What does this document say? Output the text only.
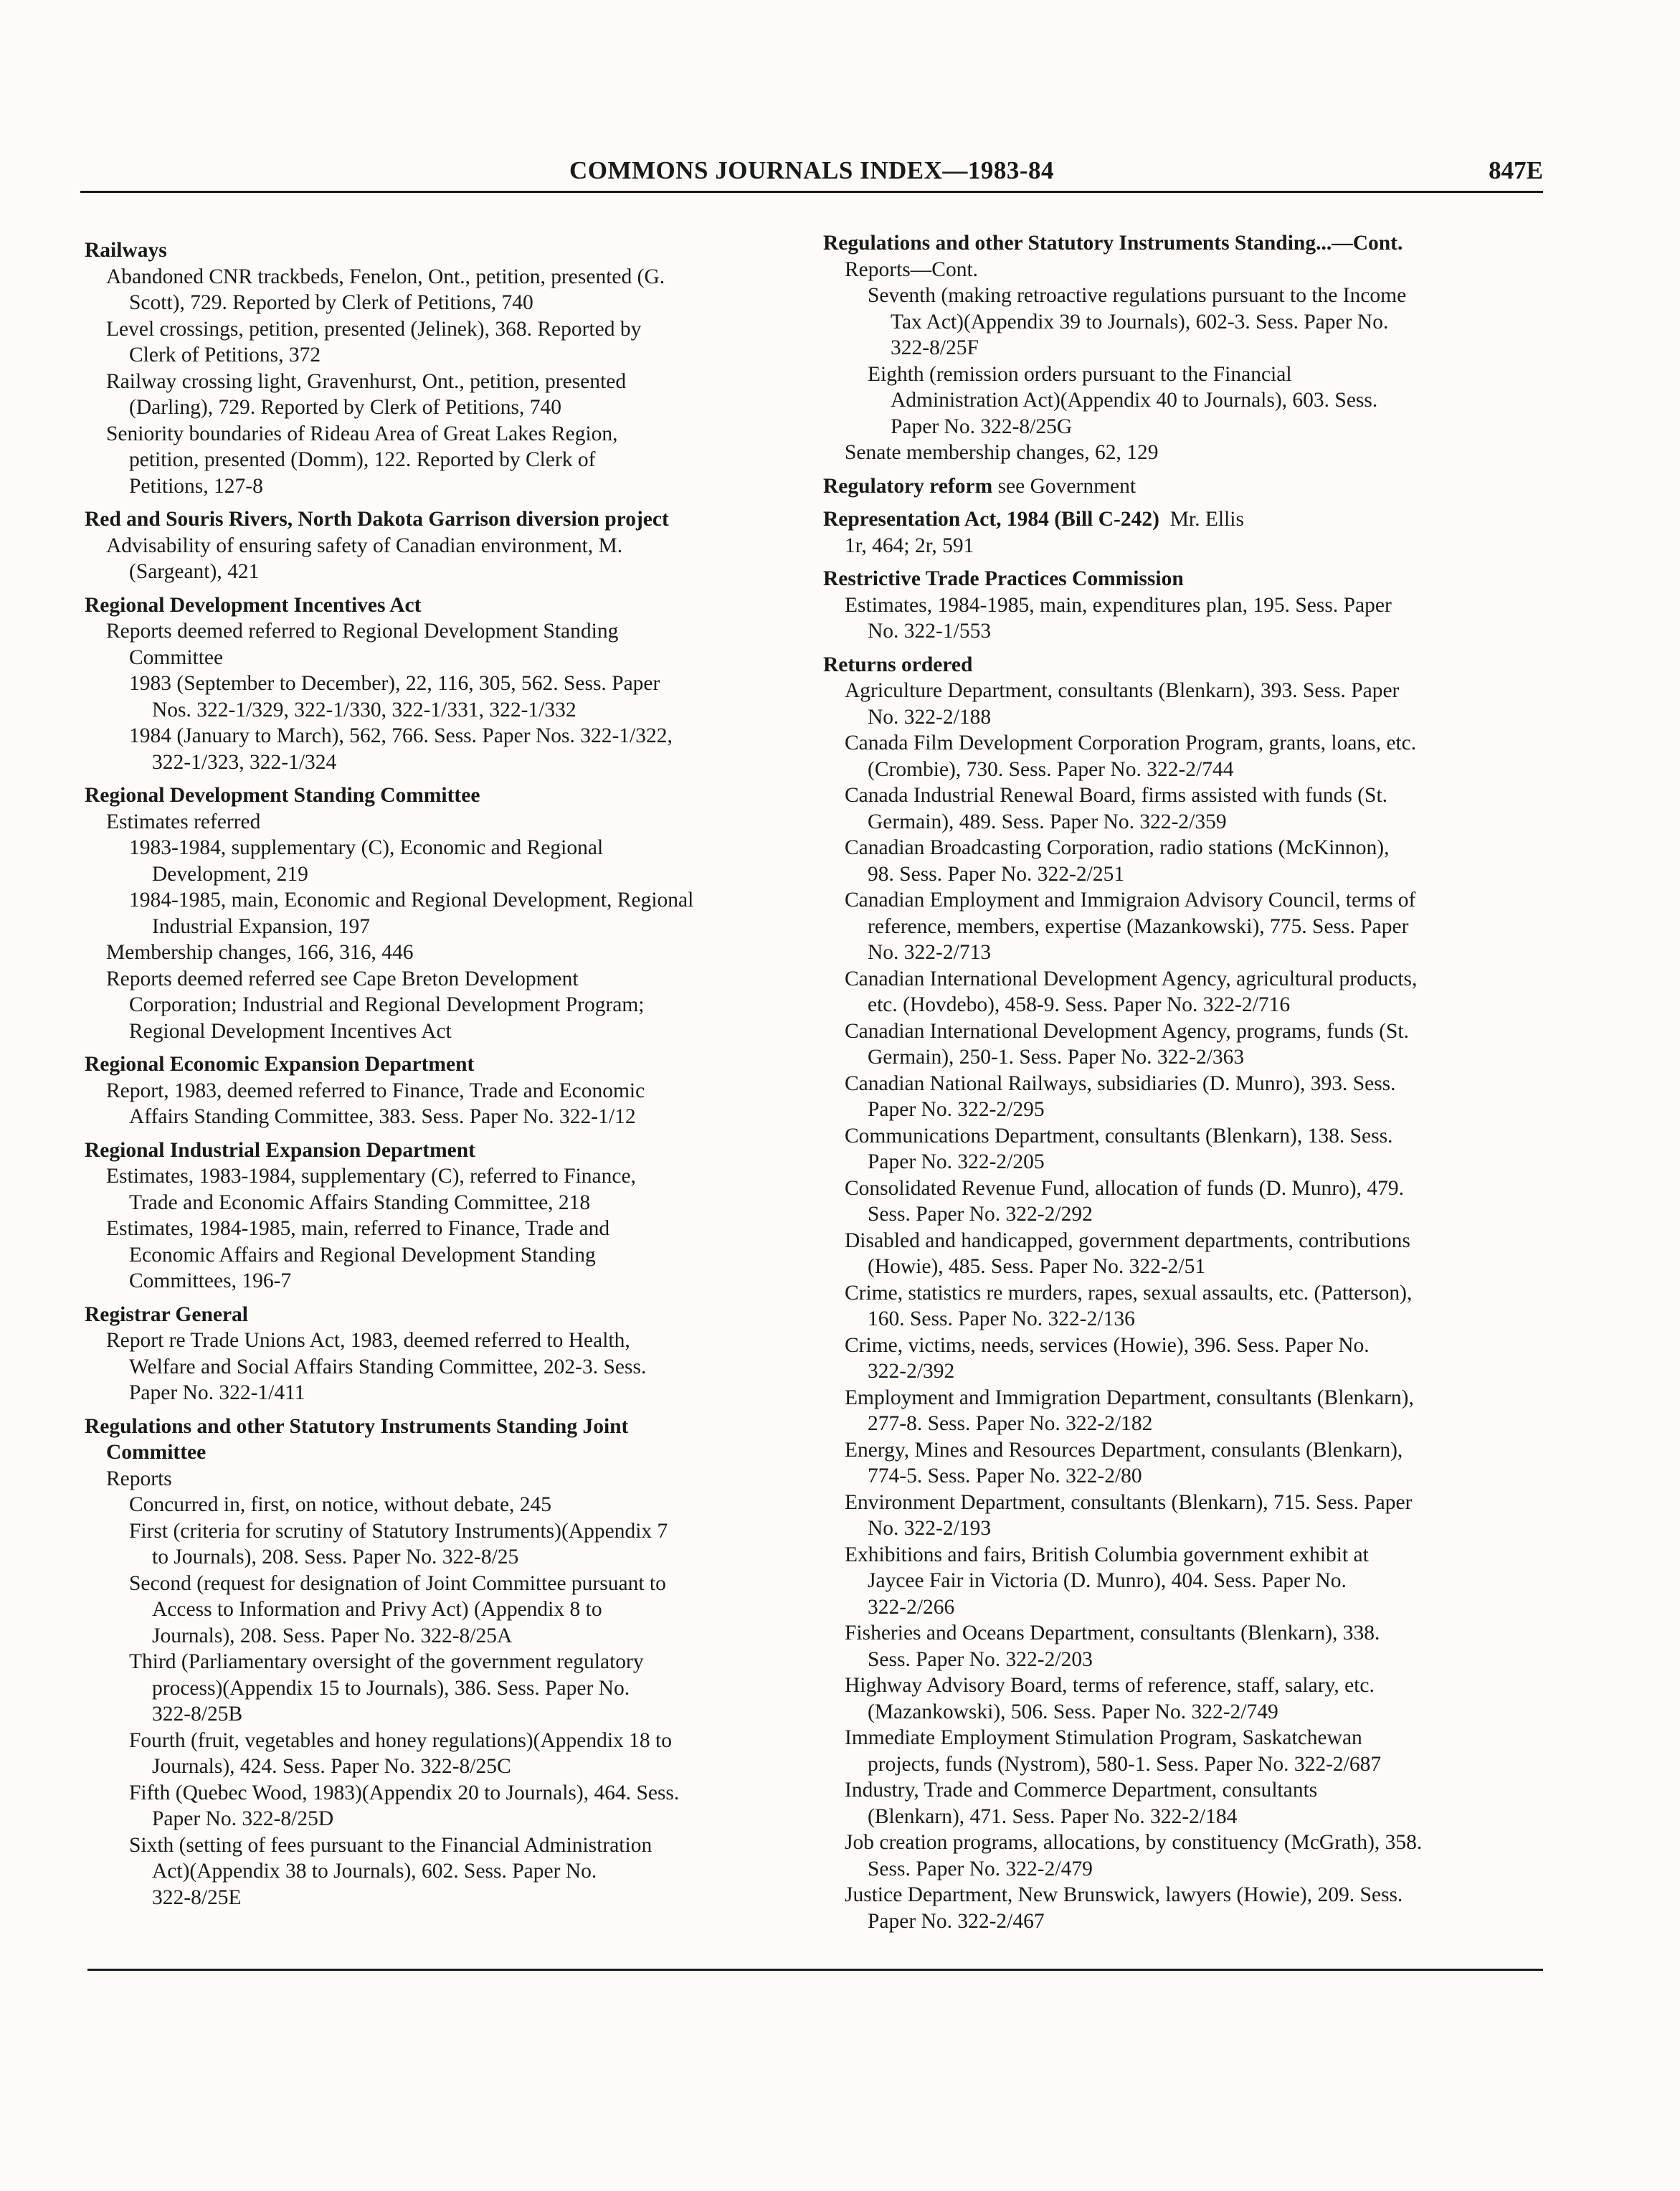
COMMONS JOURNALS INDEX—1983-84	847E
Railways
Abandoned CNR trackbeds, Fenelon, Ont., petition, presented (G.
Scott), 729. Reported by Clerk of Petitions, 740
Level crossings, petition, presented (Jelinek), 368. Reported by
Clerk of Petitions, 372
Railway crossing light, Gravenhurst, Ont., petition, presented
(Darling), 729. Reported by Clerk of Petitions, 740
Seniority boundaries of Rideau Area of Great Lakes Region,
petition, presented (Domm), 122. Reported by Clerk of
Petitions, 127-8
Red and Souris Rivers, North Dakota Garrison diversion project
Advisability of ensuring safety of Canadian environment, M.
(Sargeant), 421
Regional Development Incentives Act
Reports deemed referred to Regional Development Standing
Committee
1983 (September to December), 22, 116, 305, 562. Sess. Paper
Nos. 322-1/329, 322-1/330, 322-1/331, 322-1/332
1984 (January to March), 562, 766. Sess. Paper Nos. 322-1/322,
322-1/323, 322-1/324
Regional Development Standing Committee
Estimates referred
1983-1984, supplementary (C), Economic and Regional
Development, 219
1984-1985, main, Economic and Regional Development, Regional
Industrial Expansion, 197
Membership changes, 166, 316, 446
Reports deemed referred see Cape Breton Development
Corporation; Industrial and Regional Development Program;
Regional Development Incentives Act
Regional Economic Expansion Department
Report, 1983, deemed referred to Finance, Trade and Economic
Affairs Standing Committee, 383. Sess. Paper No. 322-1/12
Regional Industrial Expansion Department
Estimates, 1983-1984, supplementary (C), referred to Finance,
Trade and Economic Affairs Standing Committee, 218
Estimates, 1984-1985, main, referred to Finance, Trade and
Economic Affairs and Regional Development Standing
Committees, 196-7
Registrar General
Report re Trade Unions Act, 1983, deemed referred to Health,
Welfare and Social Affairs Standing Committee, 202-3. Sess.
Paper No. 322-1/411
Regulations and other Statutory Instruments Standing Joint
Committee
Reports
Concurred in, first, on notice, without debate, 245
First (criteria for scrutiny of Statutory Instruments)(Appendix 7
to Journals), 208. Sess. Paper No. 322-8/25
Second (request for designation of Joint Committee pursuant to
Access to Information and Privy Act) (Appendix 8 to
Journals), 208. Sess. Paper No. 322-8/25A
Third (Parliamentary oversight of the government regulatory
process)(Appendix 15 to Journals), 386. Sess. Paper No.
322-8/25B
Fourth (fruit, vegetables and honey regulations)(Appendix 18 to
Journals), 424. Sess. Paper No. 322-8/25C
Fifth (Quebec Wood, 1983)(Appendix 20 to Journals), 464. Sess.
Paper No. 322-8/25D
Sixth (setting of fees pursuant to the Financial Administration
Act)(Appendix 38 to Journals), 602. Sess. Paper No.
322-8/25E
Regulations and other Statutory Instruments Standing...—Cont.
Reports—Cont.
Seventh (making retroactive regulations pursuant to the Income
Tax Act)(Appendix 39 to Journals), 602-3. Sess. Paper No.
322-8/25F
Eighth (remission orders pursuant to the Financial
Administration Act)(Appendix 40 to Journals), 603. Sess.
Paper No. 322-8/25G
Senate membership changes, 62, 129
Regulatory reform see Government
Representation Act, 1984 (Bill C-242)  Mr. Ellis
1r, 464; 2r, 591
Restrictive Trade Practices Commission
Estimates, 1984-1985, main, expenditures plan, 195. Sess. Paper
No. 322-1/553
Returns ordered
Agriculture Department, consultants (Blenkarn), 393. Sess. Paper
No. 322-2/188
Canada Film Development Corporation Program, grants, loans, etc.
(Crombie), 730. Sess. Paper No. 322-2/744
Canada Industrial Renewal Board, firms assisted with funds (St.
Germain), 489. Sess. Paper No. 322-2/359
Canadian Broadcasting Corporation, radio stations (McKinnon),
98. Sess. Paper No. 322-2/251
Canadian Employment and Immigraion Advisory Council, terms of
reference, members, expertise (Mazankowski), 775. Sess. Paper
No. 322-2/713
Canadian International Development Agency, agricultural products,
etc. (Hovdebo), 458-9. Sess. Paper No. 322-2/716
Canadian International Development Agency, programs, funds (St.
Germain), 250-1. Sess. Paper No. 322-2/363
Canadian National Railways, subsidiaries (D. Munro), 393. Sess.
Paper No. 322-2/295
Communications Department, consultants (Blenkarn), 138. Sess.
Paper No. 322-2/205
Consolidated Revenue Fund, allocation of funds (D. Munro), 479.
Sess. Paper No. 322-2/292
Disabled and handicapped, government departments, contributions
(Howie), 485. Sess. Paper No. 322-2/51
Crime, statistics re murders, rapes, sexual assaults, etc. (Patterson),
160. Sess. Paper No. 322-2/136
Crime, victims, needs, services (Howie), 396. Sess. Paper No.
322-2/392
Employment and Immigration Department, consultants (Blenkarn),
277-8. Sess. Paper No. 322-2/182
Energy, Mines and Resources Department, consulants (Blenkarn),
774-5. Sess. Paper No. 322-2/80
Environment Department, consultants (Blenkarn), 715. Sess. Paper
No. 322-2/193
Exhibitions and fairs, British Columbia government exhibit at
Jaycee Fair in Victoria (D. Munro), 404. Sess. Paper No.
322-2/266
Fisheries and Oceans Department, consultants (Blenkarn), 338.
Sess. Paper No. 322-2/203
Highway Advisory Board, terms of reference, staff, salary, etc.
(Mazankowski), 506. Sess. Paper No. 322-2/749
Immediate Employment Stimulation Program, Saskatchewan
projects, funds (Nystrom), 580-1. Sess. Paper No. 322-2/687
Industry, Trade and Commerce Department, consultants
(Blenkarn), 471. Sess. Paper No. 322-2/184
Job creation programs, allocations, by constituency (McGrath), 358.
Sess. Paper No. 322-2/479
Justice Department, New Brunswick, lawyers (Howie), 209. Sess.
Paper No. 322-2/467
